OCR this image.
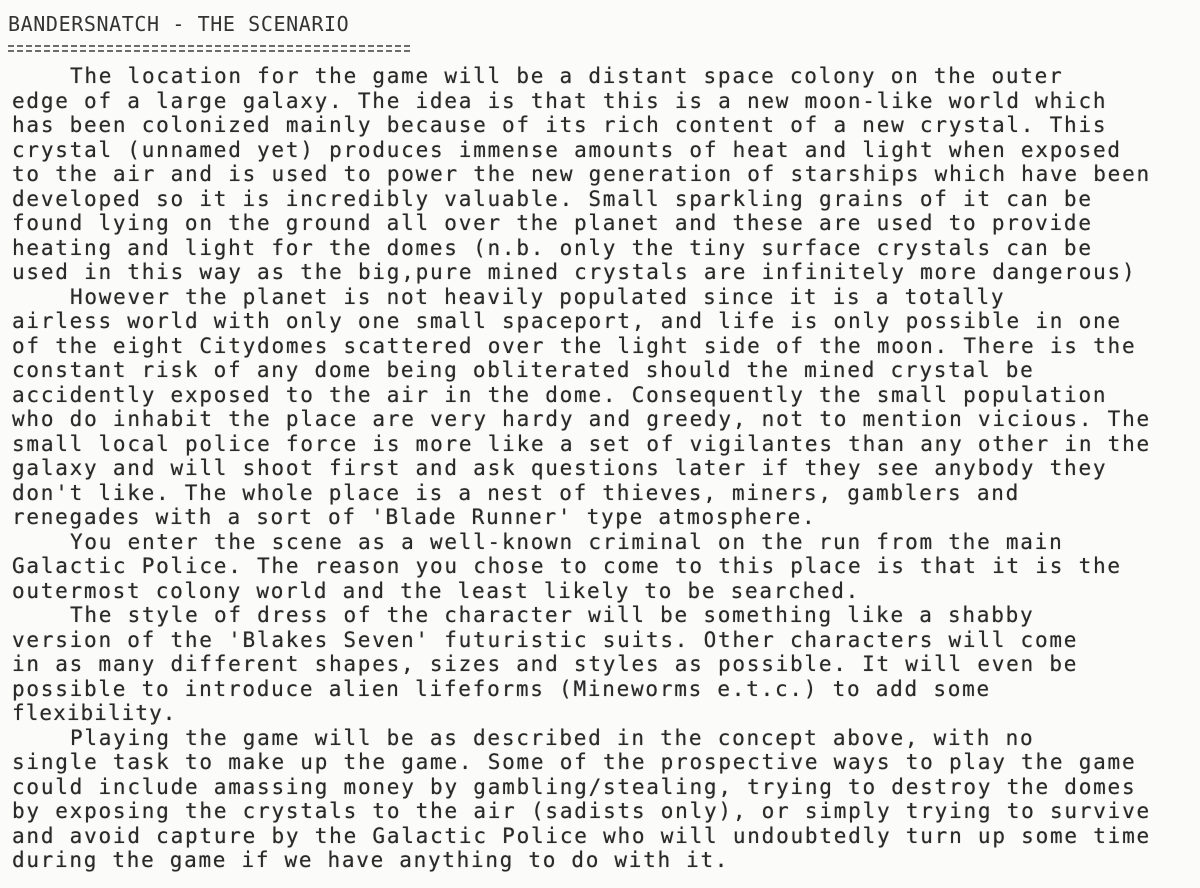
BANDERSNATCH - THE SCENARIO
The location for the game will be a distant space colony on the outer
edge of a large galaxy. The idea is that this is a new moon-like world which
has been colonized mainly because of its rich content of a new crystal. This
crystal (unnamed yet) produces immense amounts of heat and light when exposed
to the air and is used to power the new generation of starships which have been
developed so it is incredibly valuable. Small sparkling grains of it can be
found lying on the ground all over the planet and these are used to provide
heating and light for the domes (n.b. only the tiny surface crystals can be
used in this way as the big,pure mined crystals are infinitely more dangerous)
However the planet is not heavily populated since it is a totally
airless world with only one small spaceport, and life is only possible in one
of the eight Citydomes scattered over the light side of the moon. There is the
constant risk of any dome being obliterated should the mined crystal be
accidently exposed to the air in the dome. Consequently the small population
who do inhabit the place are very hardy and greedy, not to mention vicious. The
small local police force is more like a set of vigilantes than any other in the
galaxy and will shoot first and ask questions later if they see anybody they
don't like. The whole place is a nest of thieves, miners, gamblers and
renegades with a sort of 'Blade Runner' type atmosphere.
You enter the scene as a well-known criminal on the run from the main
Galactic Police. The reason you chose to come to this place is that it is the
outermost colony world and the least likely to be searched.
The style of dress of the character will be something like a shabby
version of the 'Blakes Seven' futuristic suits. Other characters will come
in as many different shapes, sizes and styles as possible. It will even be
possible to introduce alien lifeforms (Mineworms e.t.c.) to add some
flexibility.
Playing the game will be as described in the concept above, with no
single task to make up the game. Some of the prospective ways to play the game
could include amassing money by gambling/stealing, trying to destroy the domes
by exposing the crystals to the air (sadists only), or simply trying to survive
and avoid capture by the Galactic Police who will undoubtedly turn up some time
during the game if we have anything to do with it.
